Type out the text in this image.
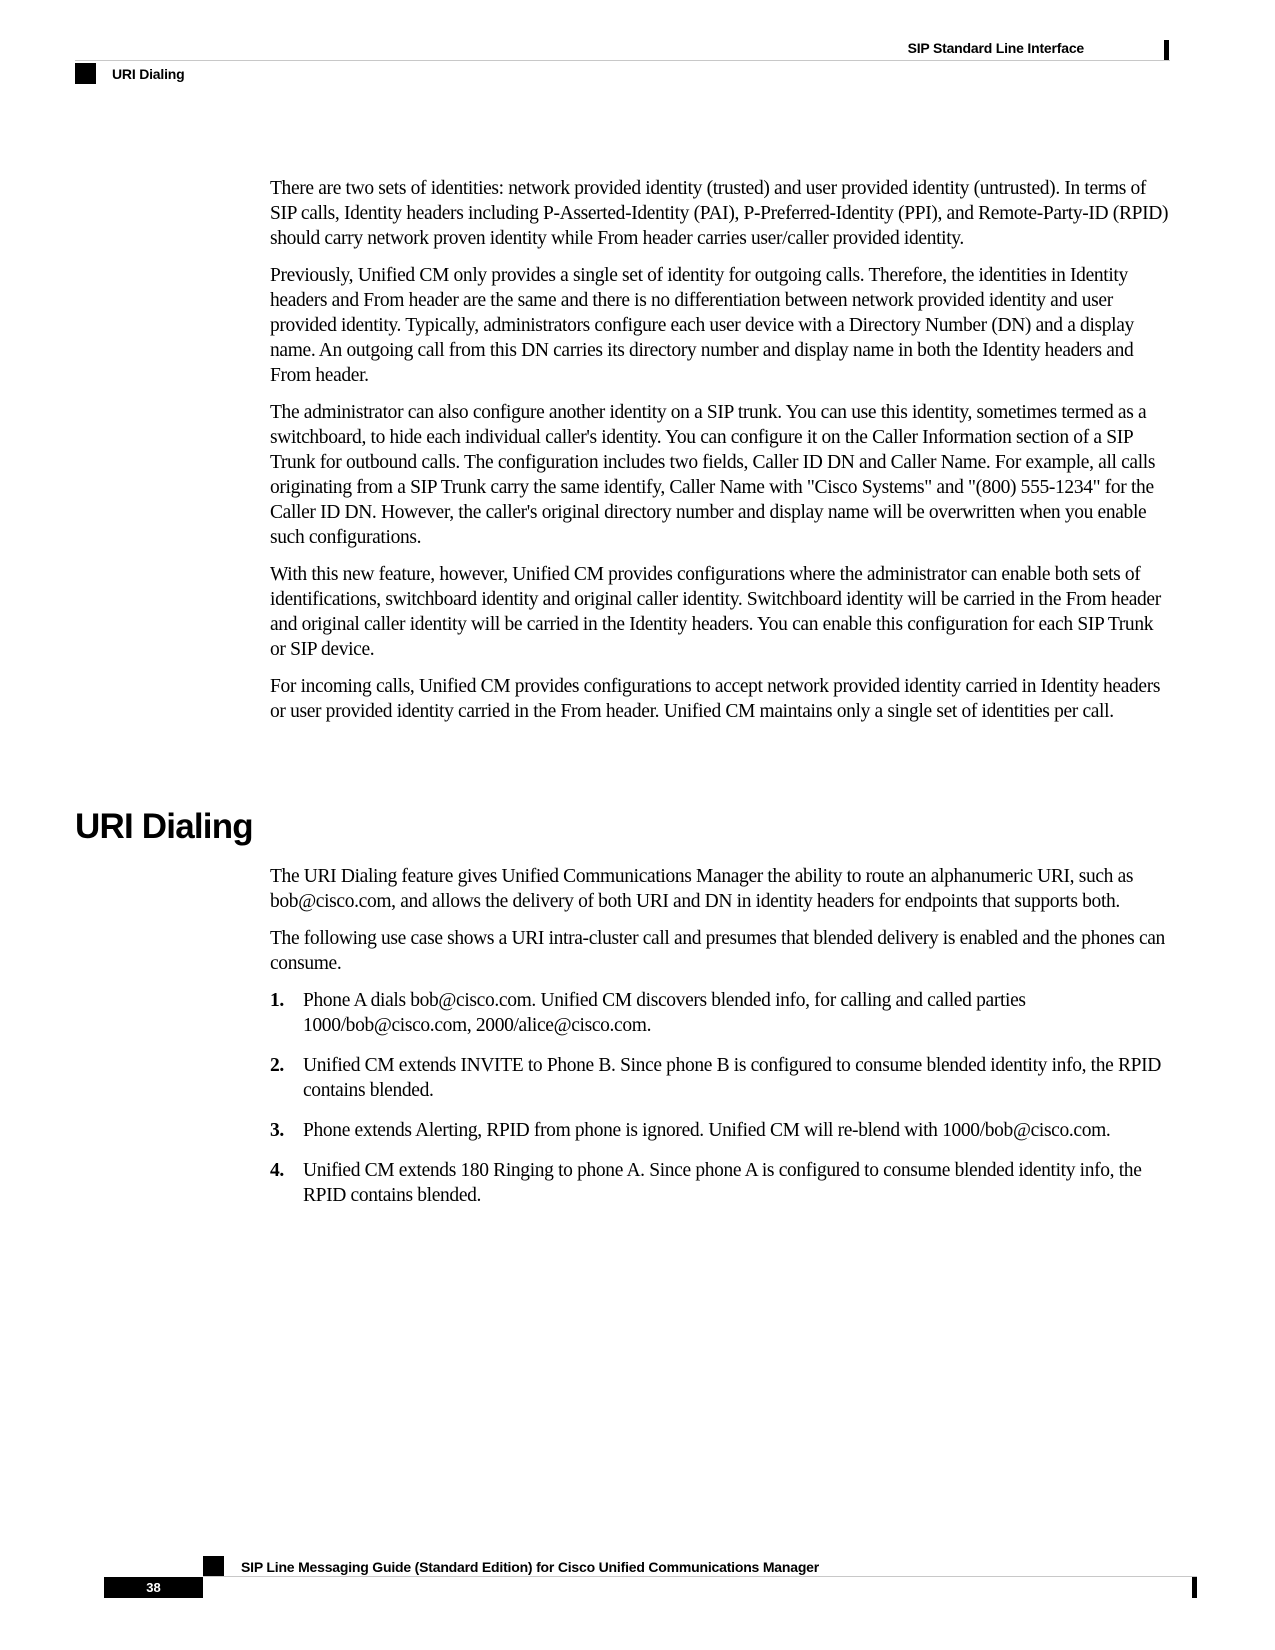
SIP Standard Line Interface
URI Dialing

There are two sets of identities: network provided identity (trusted) and user provided identity (untrusted). In terms of SIP calls, Identity headers including P-Asserted-Identity (PAI), P-Preferred-Identity (PPI), and Remote-Party-ID (RPID) should carry network proven identity while From header carries user/caller provided identity.

Previously, Unified CM only provides a single set of identity for outgoing calls. Therefore, the identities in Identity headers and From header are the same and there is no differentiation between network provided identity and user provided identity. Typically, administrators configure each user device with a Directory Number (DN) and a display name. An outgoing call from this DN carries its directory number and display name in both the Identity headers and From header.

The administrator can also configure another identity on a SIP trunk. You can use this identity, sometimes termed as a switchboard, to hide each individual caller's identity. You can configure it on the Caller Information section of a SIP Trunk for outbound calls. The configuration includes two fields, Caller ID DN and Caller Name. For example, all calls originating from a SIP Trunk carry the same identify, Caller Name with "Cisco Systems" and "(800) 555-1234" for the Caller ID DN. However, the caller's original directory number and display name will be overwritten when you enable such configurations.

With this new feature, however, Unified CM provides configurations where the administrator can enable both sets of identifications, switchboard identity and original caller identity. Switchboard identity will be carried in the From header and original caller identity will be carried in the Identity headers. You can enable this configuration for each SIP Trunk or SIP device.

For incoming calls, Unified CM provides configurations to accept network provided identity carried in Identity headers or user provided identity carried in the From header. Unified CM maintains only a single set of identities per call.

URI Dialing

The URI Dialing feature gives Unified Communications Manager the ability to route an alphanumeric URI, such as bob@cisco.com, and allows the delivery of both URI and DN in identity headers for endpoints that supports both.

The following use case shows a URI intra-cluster call and presumes that blended delivery is enabled and the phones can consume.

1. Phone A dials bob@cisco.com. Unified CM discovers blended info, for calling and called parties 1000/bob@cisco.com, 2000/alice@cisco.com.
2. Unified CM extends INVITE to Phone B. Since phone B is configured to consume blended identity info, the RPID contains blended.
3. Phone extends Alerting, RPID from phone is ignored. Unified CM will re-blend with 1000/bob@cisco.com.
4. Unified CM extends 180 Ringing to phone A. Since phone A is configured to consume blended identity info, the RPID contains blended.
SIP Line Messaging Guide (Standard Edition) for Cisco Unified Communications Manager
38
